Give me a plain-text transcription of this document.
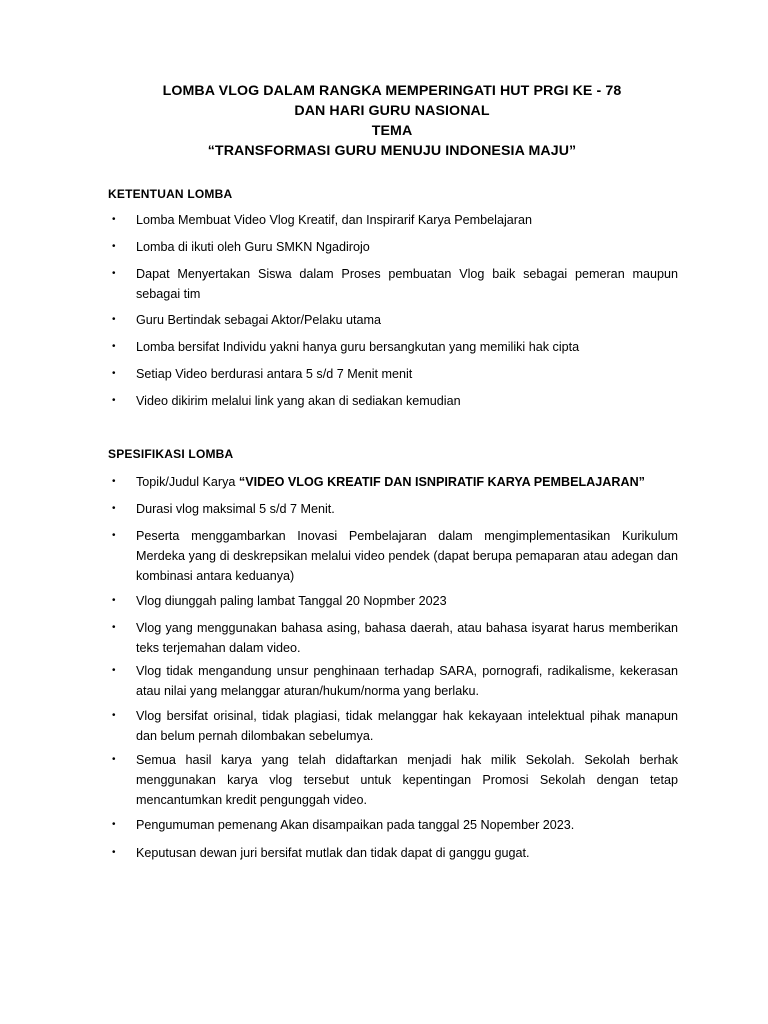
LOMBA VLOG DALAM RANGKA MEMPERINGATI HUT PRGI KE - 78
DAN HARI GURU NASIONAL
TEMA
“TRANSFORMASI GURU MENUJU INDONESIA MAJU”
KETENTUAN LOMBA
•	Lomba Membuat Video Vlog Kreatif, dan Inspirarif Karya Pembelajaran
•	Lomba di ikuti oleh Guru SMKN Ngadirojo
•	Dapat Menyertakan Siswa dalam Proses pembuatan Vlog baik sebagai pemeran maupun sebagai tim
•	Guru Bertindak sebagai Aktor/Pelaku utama
•	Lomba bersifat Individu yakni hanya guru bersangkutan yang memiliki hak cipta
•	Setiap Video berdurasi antara 5 s/d 7 Menit menit
•	Video dikirim melalui link yang akan di sediakan kemudian
SPESIFIKASI LOMBA
•	Topik/Judul Karya “VIDEO VLOG KREATIF DAN ISNPIRATIF KARYA PEMBELAJARAN”
•	Durasi vlog maksimal 5 s/d 7 Menit.
•	Peserta menggambarkan Inovasi Pembelajaran dalam mengimplementasikan Kurikulum Merdeka yang di deskrepsikan melalui video pendek (dapat berupa pemaparan atau adegan dan kombinasi antara keduanya)
•	Vlog diunggah paling lambat Tanggal 20 Nopmber 2023
•	Vlog yang menggunakan bahasa asing, bahasa daerah, atau bahasa isyarat harus memberikan teks terjemahan dalam video.
•	Vlog tidak mengandung unsur penghinaan terhadap SARA, pornografi, radikalisme, kekerasan atau nilai yang melanggar aturan/hukum/norma yang berlaku.
•	Vlog bersifat orisinal, tidak plagiasi, tidak melanggar hak kekayaan intelektual pihak manapun dan belum pernah dilombakan sebelumya.
•	Semua hasil karya yang telah didaftarkan menjadi hak milik Sekolah. Sekolah berhak menggunakan karya vlog tersebut untuk kepentingan Promosi Sekolah dengan tetap mencantumkan kredit pengunggah video.
•	Pengumuman pemenang Akan disampaikan pada tanggal 25 Nopember 2023.
•	Keputusan dewan juri bersifat mutlak dan tidak dapat di ganggu gugat.
